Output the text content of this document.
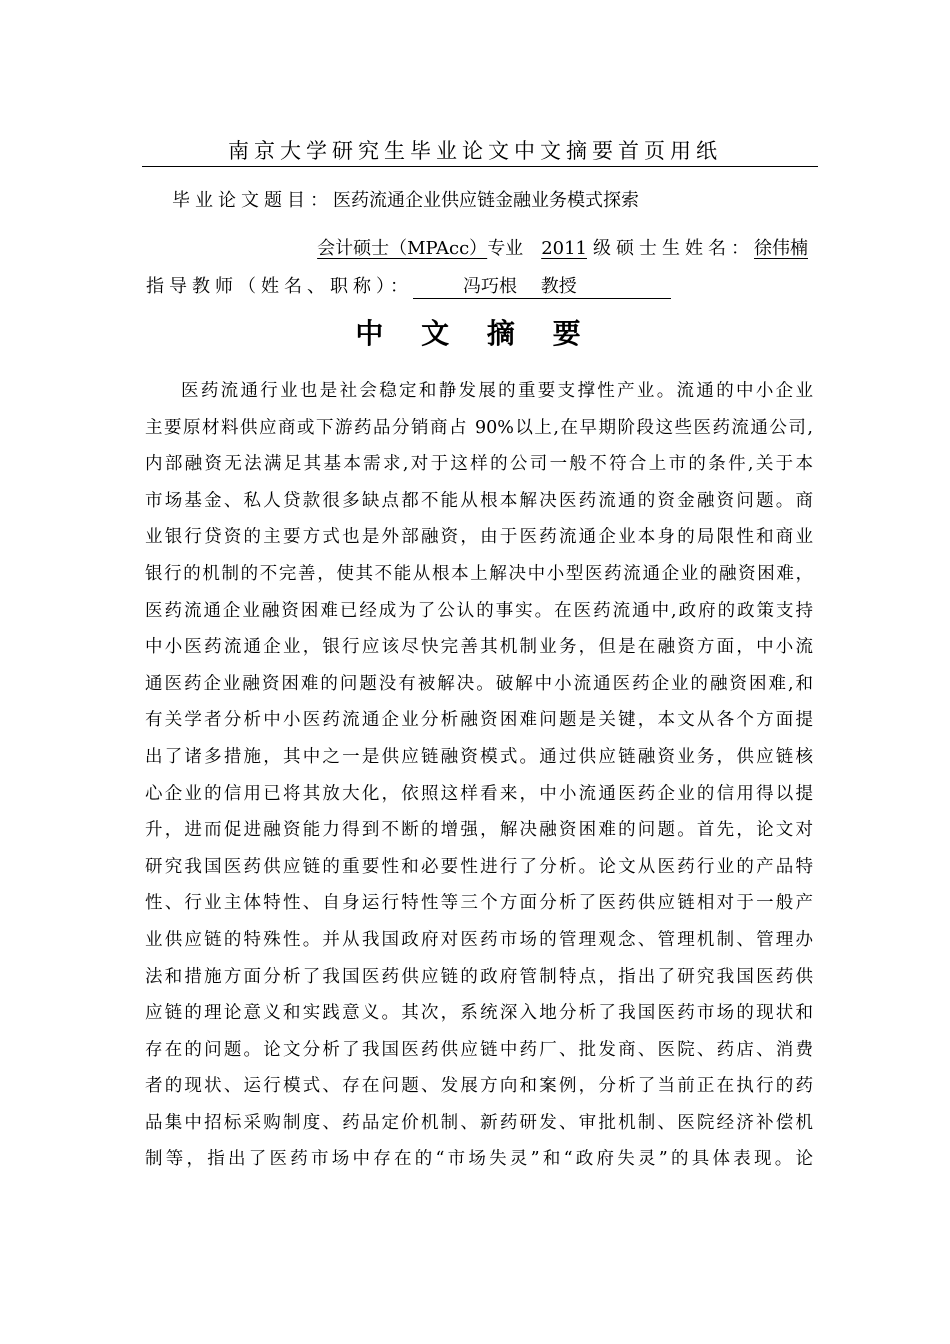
南京大学研究生毕业论文中文摘要首页用纸
毕业论文题目：医药流通企业供应链金融业务模式探索
会计硕士（MPAcc）专业 2011 级硕士生姓名：徐伟楠
指导教师（姓名、职称）：	冯巧根　 教授
中 文 摘 要
医药流通行业也是社会稳定和静发展的重要支撑性产业。流通的中小企业
主要原材料供应商或下游药品分销商占 90%以上,在早期阶段这些医药流通公司,
内部融资无法满足其基本需求,对于这样的公司一般不符合上市的条件,关于本
市场基金、私人贷款很多缺点都不能从根本解决医药流通的资金融资问题。商
业银行贷资的主要方式也是外部融资，由于医药流通企业本身的局限性和商业
银行的机制的不完善，使其不能从根本上解决中小型医药流通企业的融资困难，
医药流通企业融资困难已经成为了公认的事实。在医药流通中,政府的政策支持
中小医药流通企业，银行应该尽快完善其机制业务，但是在融资方面，中小流
通医药企业融资困难的问题没有被解决。破解中小流通医药企业的融资困难,和
有关学者分析中小医药流通企业分析融资困难问题是关键，本文从各个方面提
出了诸多措施，其中之一是供应链融资模式。通过供应链融资业务，供应链核
心企业的信用已将其放大化，依照这样看来，中小流通医药企业的信用得以提
升，进而促进融资能力得到不断的增强，解决融资困难的问题。首先，论文对
研究我国医药供应链的重要性和必要性进行了分析。论文从医药行业的产品特
性、行业主体特性、自身运行特性等三个方面分析了医药供应链相对于一般产
业供应链的特殊性。并从我国政府对医药市场的管理观念、管理机制、管理办
法和措施方面分析了我国医药供应链的政府管制特点，指出了研究我国医药供
应链的理论意义和实践意义。其次，系统深入地分析了我国医药市场的现状和
存在的问题。论文分析了我国医药供应链中药厂、批发商、医院、药店、消费
者的现状、运行模式、存在问题、发展方向和案例，分析了当前正在执行的药
品集中招标采购制度、药品定价机制、新药研发、审批机制、医院经济补偿机
制等，指出了医药市场中存在的“市场失灵”和“政府失灵”的具体表现。论
